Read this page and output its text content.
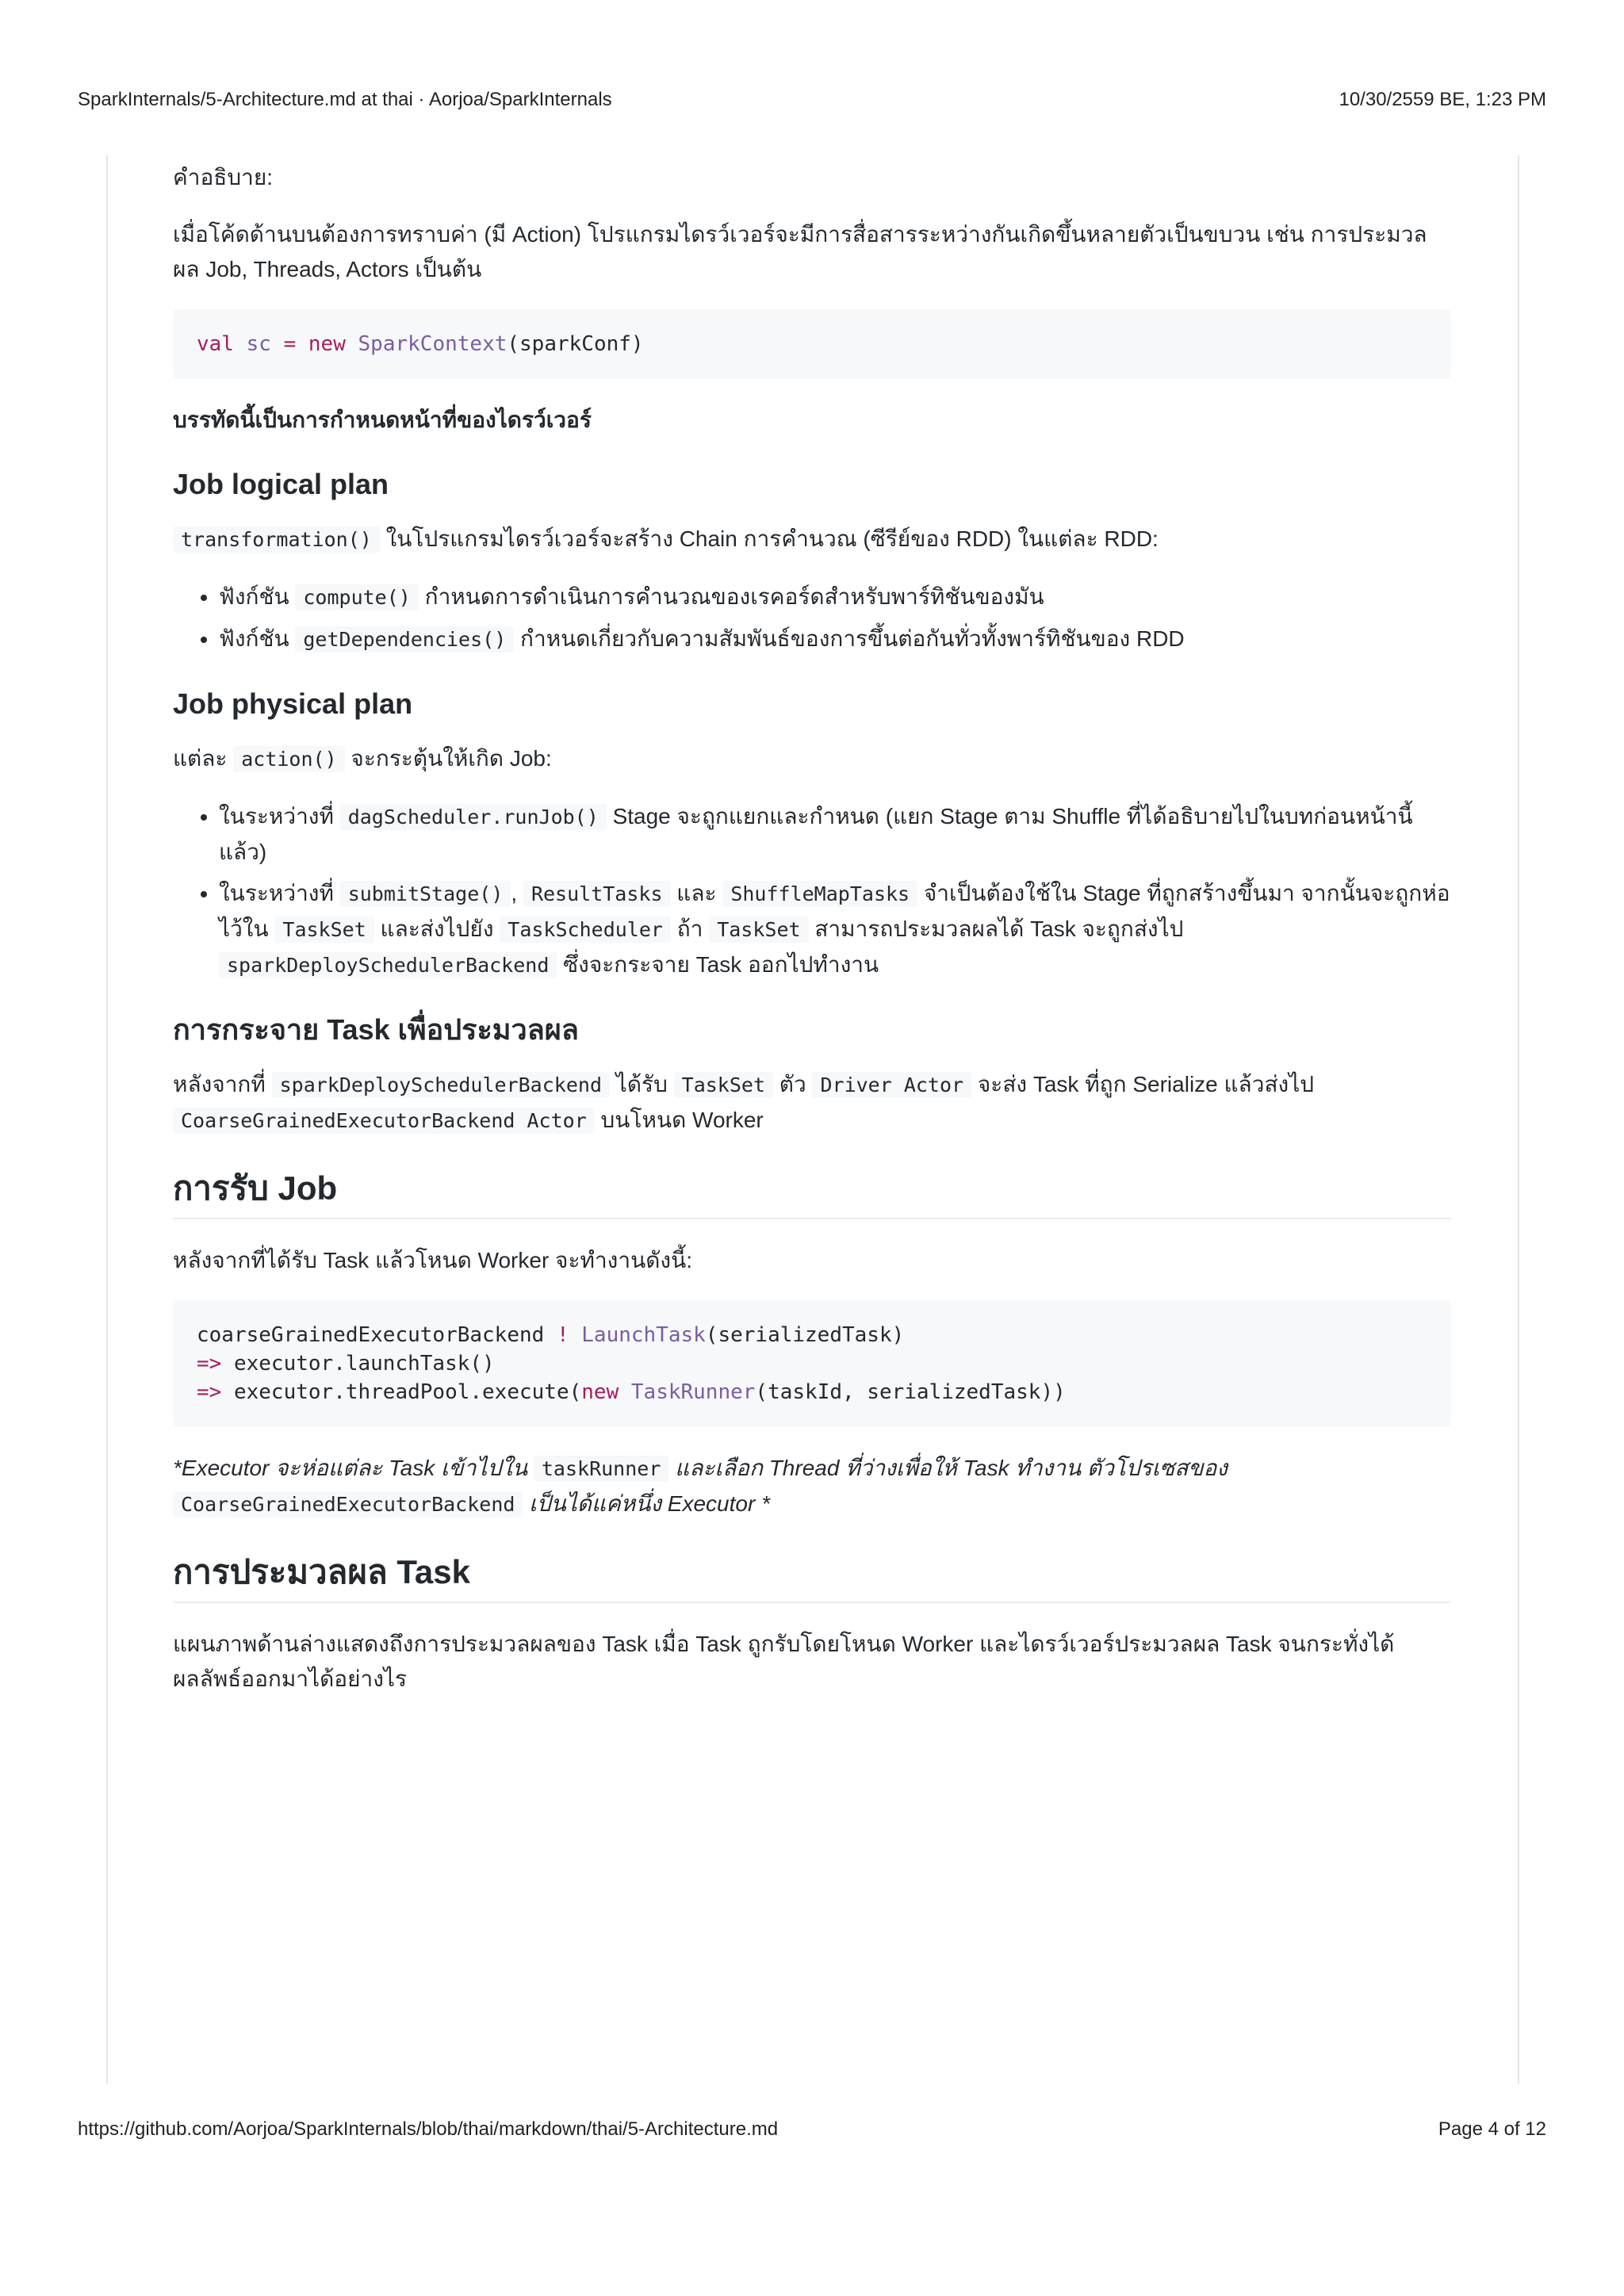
SparkInternals/5-Architecture.md at thai · Aorjoa/SparkInternals	10/30/2559 BE, 1:23 PM

คำอธิบาย:

เมื่อโค้ดด้านบนต้องการทราบค่า (มี Action) โปรแกรมไดรว์เวอร์จะมีการสื่อสารระหว่างกันเกิดขึ้นหลายตัวเป็นขบวน เช่น การประมวลผล Job, Threads, Actors เป็นต้น

val sc = new SparkContext(sparkConf)

บรรทัดนี้เป็นการกำหนดหน้าที่ของไดรว์เวอร์

Job logical plan

transformation() ในโปรแกรมไดรว์เวอร์จะสร้าง Chain การคำนวณ (ซีรีย์ของ RDD) ในแต่ละ RDD:

• ฟังก์ชัน compute() กำหนดการดำเนินการคำนวณของเรคอร์ดสำหรับพาร์ทิชันของมัน
• ฟังก์ชัน getDependencies() กำหนดเกี่ยวกับความสัมพันธ์ของการขึ้นต่อกันทั่วทั้งพาร์ทิชันของ RDD
Job physical plan

แต่ละ action() จะกระตุ้นให้เกิด Job:

• ในระหว่างที่ dagScheduler.runJob() Stage จะถูกแยกและกำหนด (แยก Stage ตาม Shuffle ที่ได้อธิบายไปในบทก่อนหน้านี้แล้ว)
• ในระหว่างที่ submitStage() , ResultTasks และ ShuffleMapTasks จำเป็นต้องใช้ใน Stage ที่ถูกสร้างขึ้นมา จากนั้นจะถูกห่อไว้ใน TaskSet และส่งไปยัง TaskScheduler ถ้า TaskSet สามารถประมวลผลได้ Task จะถูกส่งไป sparkDeploySchedulerBackend ซึ่งจะกระจาย Task ออกไปทำงาน
การกระจาย Task เพื่อประมวลผล

หลังจากที่ sparkDeploySchedulerBackend ได้รับ TaskSet ตัว Driver Actor จะส่ง Task ที่ถูก Serialize แล้วส่งไป CoarseGrainedExecutorBackend Actor บนโหนด Worker

การรับ Job

หลังจากที่ได้รับ Task แล้วโหนด Worker จะทำงานดังนี้:

coarseGrainedExecutorBackend ! LaunchTask(serializedTask)
=> executor.launchTask()
=> executor.threadPool.execute(new TaskRunner(taskId, serializedTask))

*Executor จะห่อแต่ละ Task เข้าไปใน taskRunner และเลือก Thread ที่ว่างเพื่อให้ Task ทำงาน ตัวโปรเซสของ CoarseGrainedExecutorBackend เป็นได้แค่หนึ่ง Executor *

การประมวลผล Task

แผนภาพด้านล่างแสดงถึงการประมวลผลของ Task เมื่อ Task ถูกรับโดยโหนด Worker และไดรว์เวอร์ประมวลผล Task จนกระทั่งได้ผลลัพธ์ออกมาได้อย่างไร

https://github.com/Aorjoa/SparkInternals/blob/thai/markdown/thai/5-Architecture.md	Page 4 of 12
